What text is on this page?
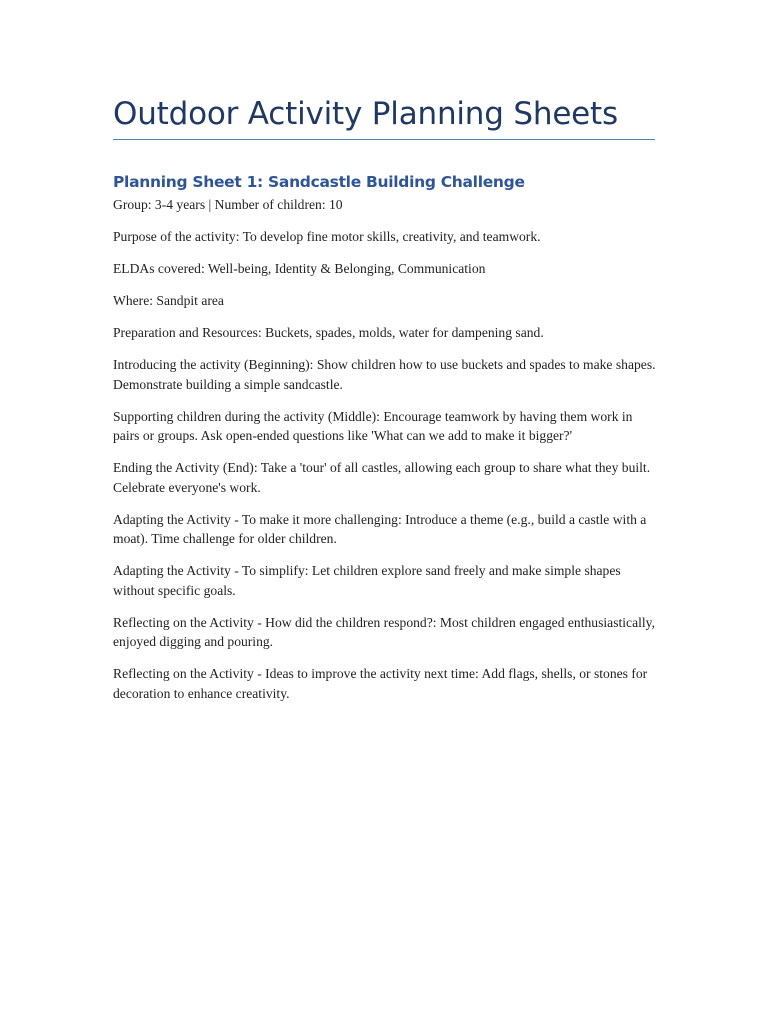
Outdoor Activity Planning Sheets
Planning Sheet 1: Sandcastle Building Challenge

Group: 3-4 years | Number of children: 10

Purpose of the activity: To develop fine motor skills, creativity, and teamwork.

ELDAs covered: Well-being, Identity & Belonging, Communication

Where: Sandpit area

Preparation and Resources: Buckets, spades, molds, water for dampening sand.

Introducing the activity (Beginning): Show children how to use buckets and spades to make shapes. Demonstrate building a simple sandcastle.

Supporting children during the activity (Middle): Encourage teamwork by having them work in pairs or groups. Ask open-ended questions like 'What can we add to make it bigger?'

Ending the Activity (End): Take a 'tour' of all castles, allowing each group to share what they built. Celebrate everyone's work.

Adapting the Activity - To make it more challenging: Introduce a theme (e.g., build a castle with a moat). Time challenge for older children.

Adapting the Activity - To simplify: Let children explore sand freely and make simple shapes without specific goals.

Reflecting on the Activity - How did the children respond?: Most children engaged enthusiastically, enjoyed digging and pouring.

Reflecting on the Activity - Ideas to improve the activity next time: Add flags, shells, or stones for decoration to enhance creativity.
